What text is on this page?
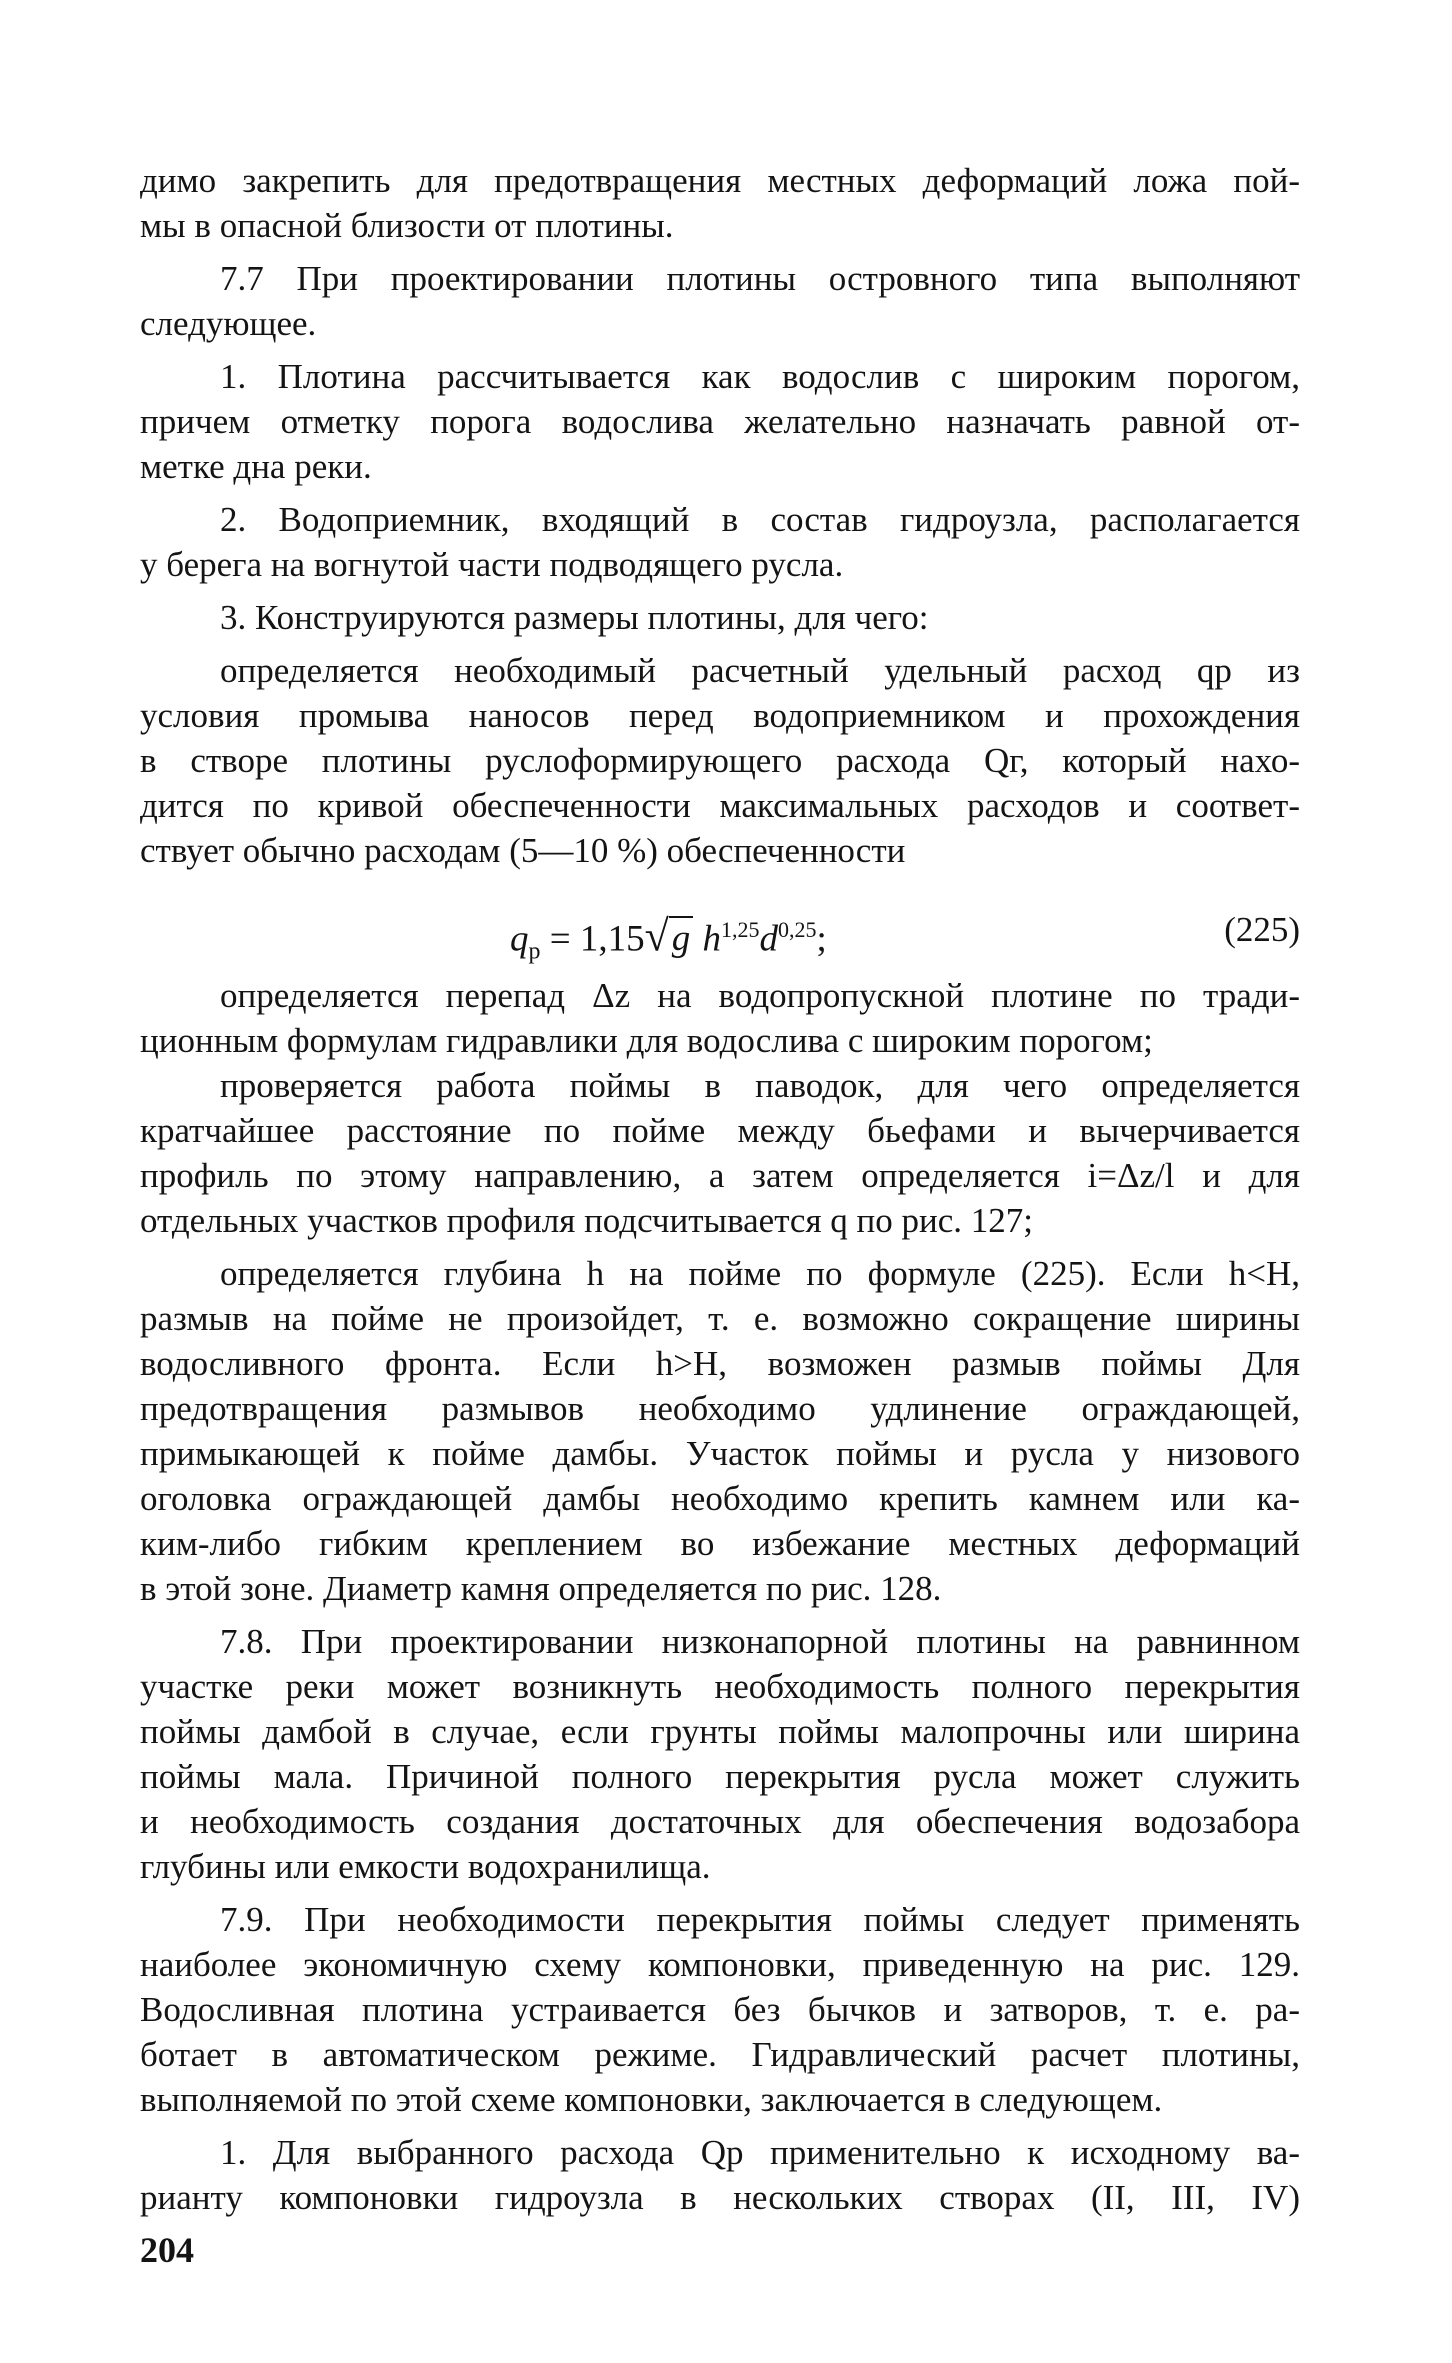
димо закрепить для предотвращения местных деформаций ложа пой-
мы в опасной близости от плотины.
7.7 При проектировании плотины островного типа выполняют
следующее.
1. Плотина рассчитывается как водослив с широким порогом,
причем отметку порога водослива желательно назначать равной от-
метке дна реки.
2. Водоприемник, входящий в состав гидроузла, располагается
у берега на вогнутой части подводящего русла.
3. Конструируются размеры плотины, для чего:
определяется необходимый расчетный удельный расход qр из
условия промыва наносов перед водоприемником и прохождения
в створе плотины руслоформирующего расхода Qг, который нахо-
дится по кривой обеспеченности максимальных расходов и соответ-
ствует обычно расходам (5—10 %) обеспеченности
$q_р = 1,15√g$ $h^{1,25}d^{0,25}$;	(225)
определяется перепад Δz на водопропускной плотине по тради-
ционным формулам гидравлики для водослива с широким порогом;
проверяется работа поймы в паводок, для чего определяется
кратчайшее расстояние по пойме между бьефами и вычерчивается
профиль по этому направлению, а затем определяется i=Δz/l и для
отдельных участков профиля подсчитывается q по рис. 127;
определяется глубина h на пойме по формуле (225). Если h<H,
размыв на пойме не произойдет, т. е. возможно сокращение ширины
водосливного фронта. Если h>H, возможен размыв поймы Для
предотвращения размывов необходимо удлинение ограждающей,
примыкающей к пойме дамбы. Участок поймы и русла у низового
оголовка ограждающей дамбы необходимо крепить камнем или ка-
ким-либо гибким креплением во избежание местных деформаций
в этой зоне. Диаметр камня определяется по рис. 128.
7.8. При проектировании низконапорной плотины на равнинном
участке реки может возникнуть необходимость полного перекрытия
поймы дамбой в случае, если грунты поймы малопрочны или ширина
поймы мала. Причиной полного перекрытия русла может служить
и необходимость создания достаточных для обеспечения водозабора
глубины или емкости водохранилища.
7.9. При необходимости перекрытия поймы следует применять
наиболее экономичную схему компоновки, приведенную на рис. 129.
Водосливная плотина устраивается без бычков и затворов, т. е. ра-
ботает в автоматическом режиме. Гидравлический расчет плотины,
выполняемой по этой схеме компоновки, заключается в следующем.
1. Для выбранного расхода Qр применительно к исходному ва-
рианту компоновки гидроузла в нескольких створах (II, III, IV)
204
